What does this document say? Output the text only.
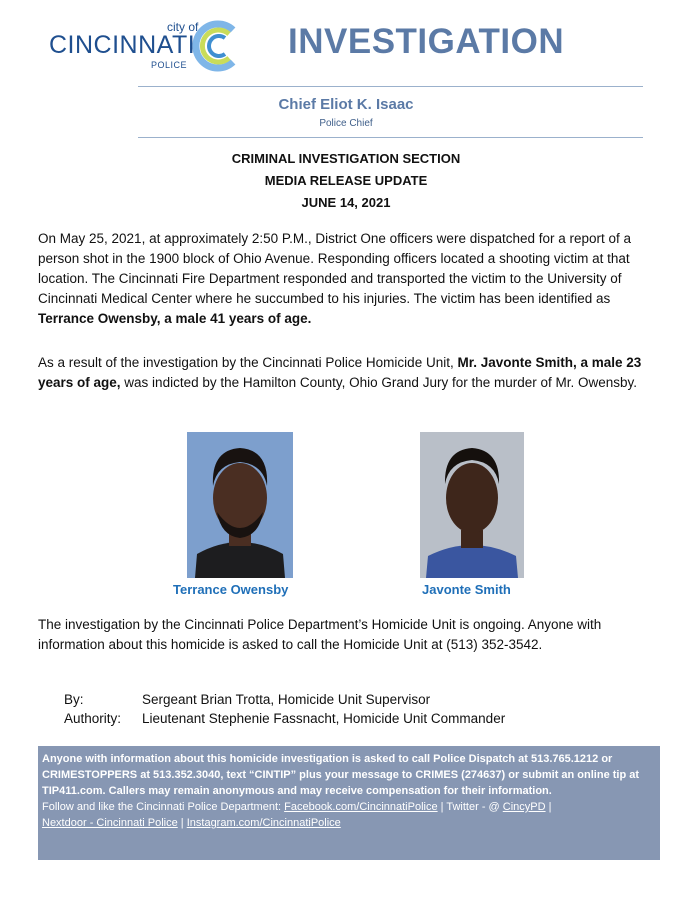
city of
CINCINNATI
POLICE
INVESTIGATION
Chief Eliot K. Isaac
Police Chief
CRIMINAL INVESTIGATION SECTION
MEDIA RELEASE UPDATE
JUNE 14, 2021

On May 25, 2021, at approximately 2:50 P.M., District One officers were dispatched for a report of a person shot in the 1900 block of Ohio Avenue. Responding officers located a shooting victim at that location. The Cincinnati Fire Department responded and transported the victim to the University of Cincinnati Medical Center where he succumbed to his injuries. The victim has been identified as Terrance Owensby, a male 41 years of age.

As a result of the investigation by the Cincinnati Police Homicide Unit, Mr. Javonte Smith, a male 23 years of age, was indicted by the Hamilton County, Ohio Grand Jury for the murder of Mr. Owensby.

Terrance Owensby	Javonte Smith

The investigation by the Cincinnati Police Department’s Homicide Unit is ongoing. Anyone with information about this homicide is asked to call the Homicide Unit at (513) 352-3542.

By:	Sergeant Brian Trotta, Homicide Unit Supervisor
Authority: Lieutenant Stephenie Fassnacht, Homicide Unit Commander
Anyone with information about this homicide investigation is asked to call Police Dispatch at 513.765.1212 or CRIMESTOPPERS at 513.352.3040, text “CINTIP” plus your message to CRIMES (274637) or submit an online tip at TIP411.com. Callers may remain anonymous and may receive compensation for their information.
Follow and like the Cincinnati Police Department: Facebook.com/CincinnatiPolice | Twitter - @ CincyPD |
Nextdoor - Cincinnati Police | Instagram.com/CincinnatiPolice
